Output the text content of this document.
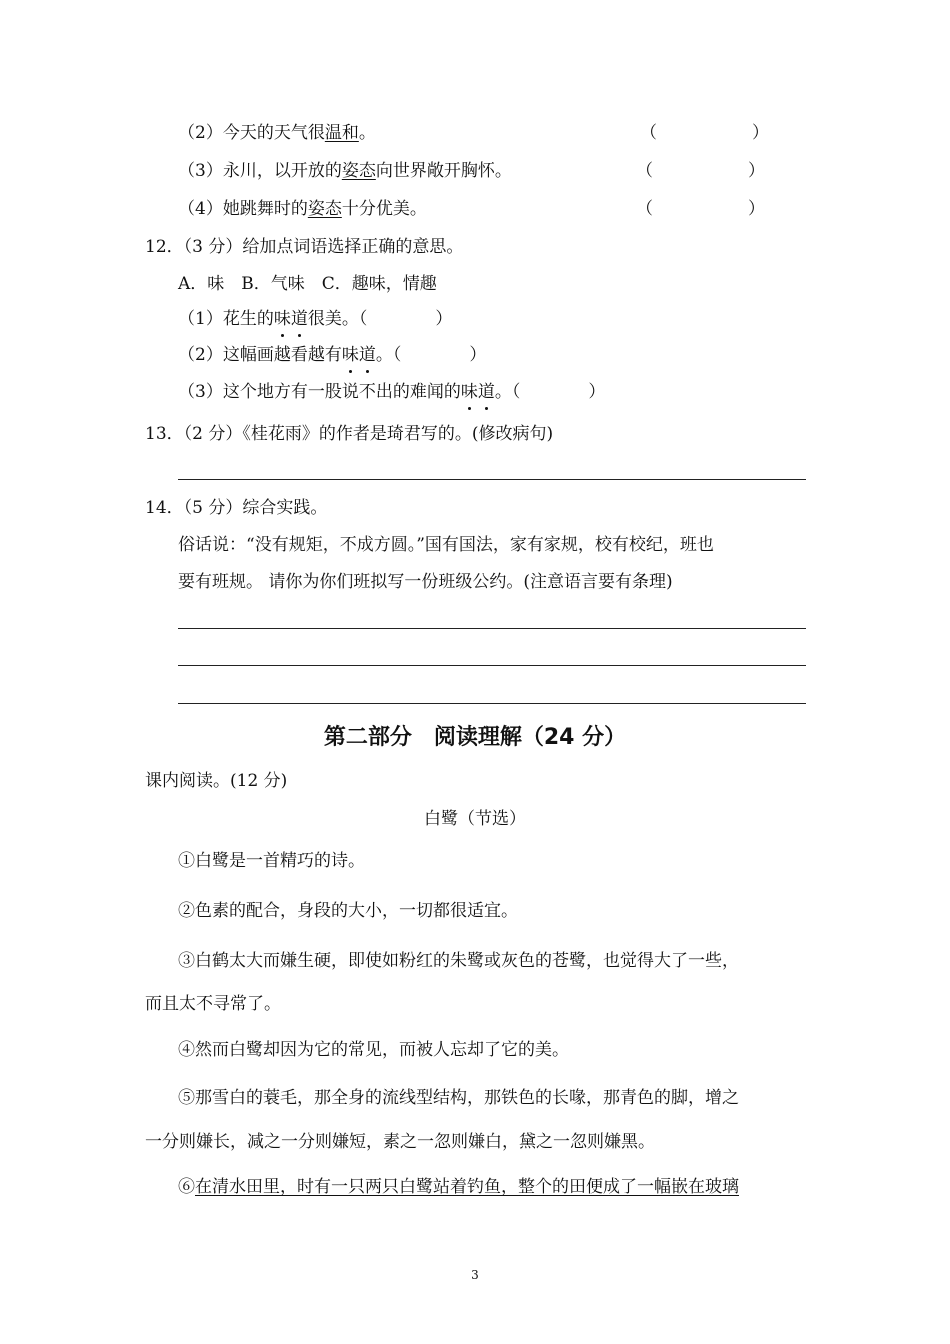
（2）今天的天气很温和。	（	）
（3）永川，以开放的姿态向世界敞开胸怀。	（	）
（4）她跳舞时的姿态十分优美。	（	）
12．（3 分）给加点词语选择正确的意思。
A．味　B．气味　C．趣味，情趣
（1）花生的味道很美。（　　　　）
（2）这幅画越看越有味道。（　　　　）
（3）这个地方有一股说不出的难闻的味道。（　　　　）
13．（2 分）《桂花雨》的作者是琦君写的。(修改病句)
14．（5 分）综合实践。
俗话说：“没有规矩，不成方圆。”国有国法，家有家规，校有校纪，班也
要有班规。 请你为你们班拟写一份班级公约。(注意语言要有条理)
第二部分　阅读理解（24 分）
课内阅读。(12 分)
白鹭（节选）
①白鹭是一首精巧的诗。
②色素的配合，身段的大小，一切都很适宜。
③白鹤太大而嫌生硬，即使如粉红的朱鹭或灰色的苍鹭，也觉得大了一些，
而且太不寻常了。
④然而白鹭却因为它的常见，而被人忘却了它的美。
⑤那雪白的蓑毛，那全身的流线型结构，那铁色的长喙，那青色的脚，增之
一分则嫌长，减之一分则嫌短，素之一忽则嫌白，黛之一忽则嫌黑。
⑥在清水田里，时有一只两只白鹭站着钓鱼，整个的田便成了一幅嵌在玻璃
3
